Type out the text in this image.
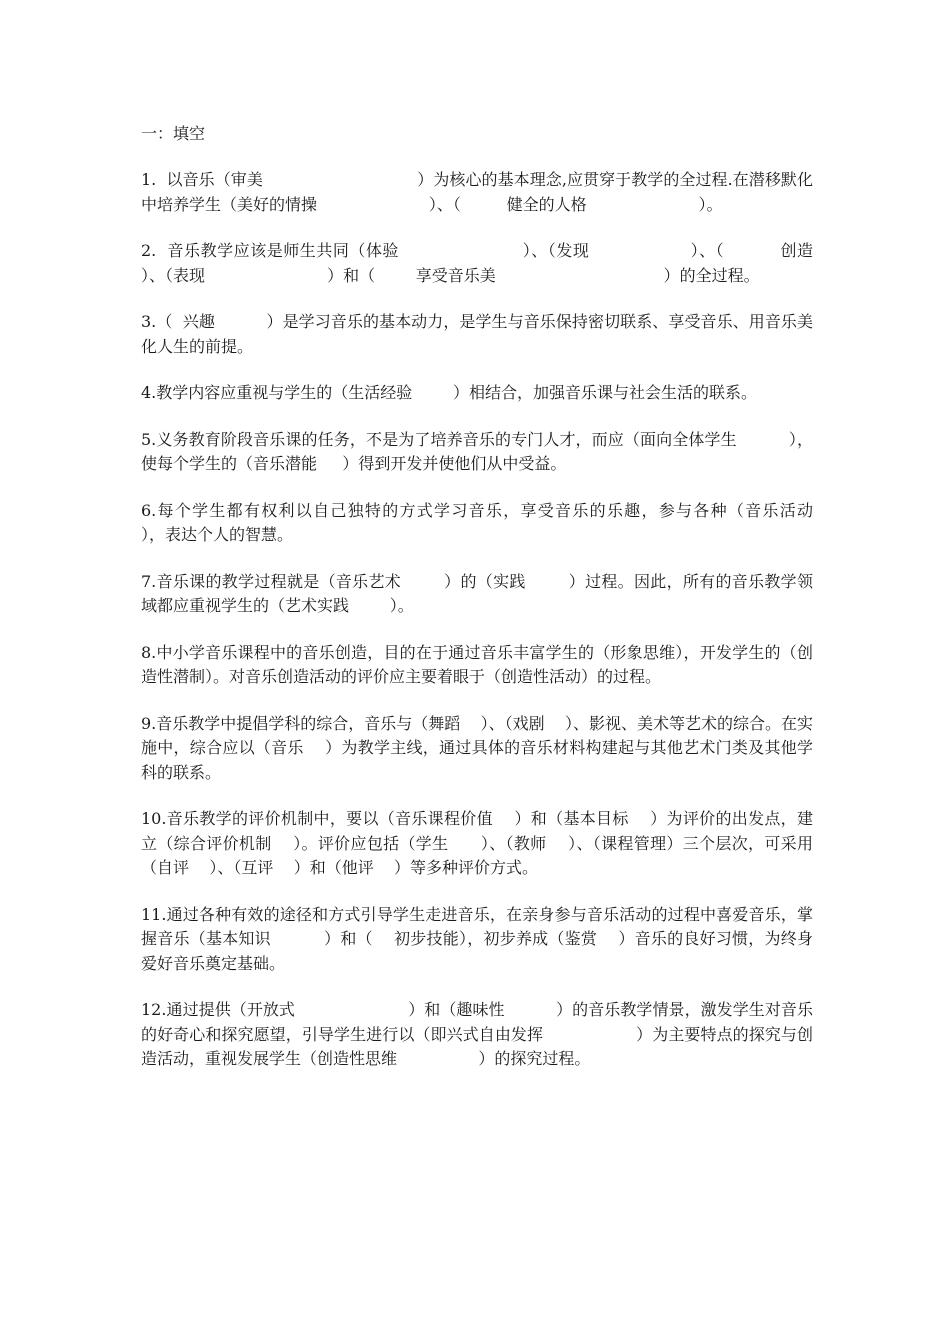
一：填空
1.  以音乐（审美                              ）为核心的基本理念,应贯穿于教学的全过程.在潜移默化中培养学生（美好的情操                      ）、（         健全的人格                      ）。
2.  音乐教学应该是师生共同（体验                      ）、（发现                  ）、（          创造              ）、（表现                        ）和（        享受音乐美                                 ）的全过程。
3.（  兴趣          ）是学习音乐的基本动力，是学生与音乐保持密切联系、享受音乐、用音乐美化人生的前提。
4.教学内容应重视与学生的（生活经验        ）相结合，加强音乐课与社会生活的联系。
5.义务教育阶段音乐课的任务，不是为了培养音乐的专门人才，而应（面向全体学生          ），使每个学生的（音乐潜能     ）得到开发并使他们从中受益。
6.每个学生都有权利以自己独特的方式学习音乐，享受音乐的乐趣，参与各种（音乐活动                ），表达个人的智慧。
7.音乐课的教学过程就是（音乐艺术        ）的（实践        ）过程。因此，所有的音乐教学领域都应重视学生的（艺术实践        ）。
8.中小学音乐课程中的音乐创造，目的在于通过音乐丰富学生的（形象思维），开发学生的（创造性潜制）。对音乐创造活动的评价应主要着眼于（创造性活动）的过程。
9.音乐教学中提倡学科的综合，音乐与（舞蹈    ）、（戏剧    ）、影视、美术等艺术的综合。在实施中，综合应以（音乐    ）为教学主线，通过具体的音乐材料构建起与其他艺术门类及其他学科的联系。
10.音乐教学的评价机制中，要以（音乐课程价值    ）和（基本目标    ）为评价的出发点，建立（综合评价机制    ）。评价应包括（学生      ）、（教师    ）、（课程管理）三个层次，可采用（自评    ）、（互评    ）和（他评    ）等多种评价方式。
11.通过各种有效的途径和方式引导学生走进音乐，在亲身参与音乐活动的过程中喜爱音乐，掌握音乐（基本知识          ）和（    初步技能），初步养成（鉴赏    ）音乐的良好习惯，为终身爱好音乐奠定基础。
12.通过提供（开放式                      ）和（趣味性          ）的音乐教学情景，激发学生对音乐的好奇心和探究愿望，引导学生进行以（即兴式自由发挥                  ）为主要特点的探究与创造活动，重视发展学生（创造性思维                ）的探究过程。
